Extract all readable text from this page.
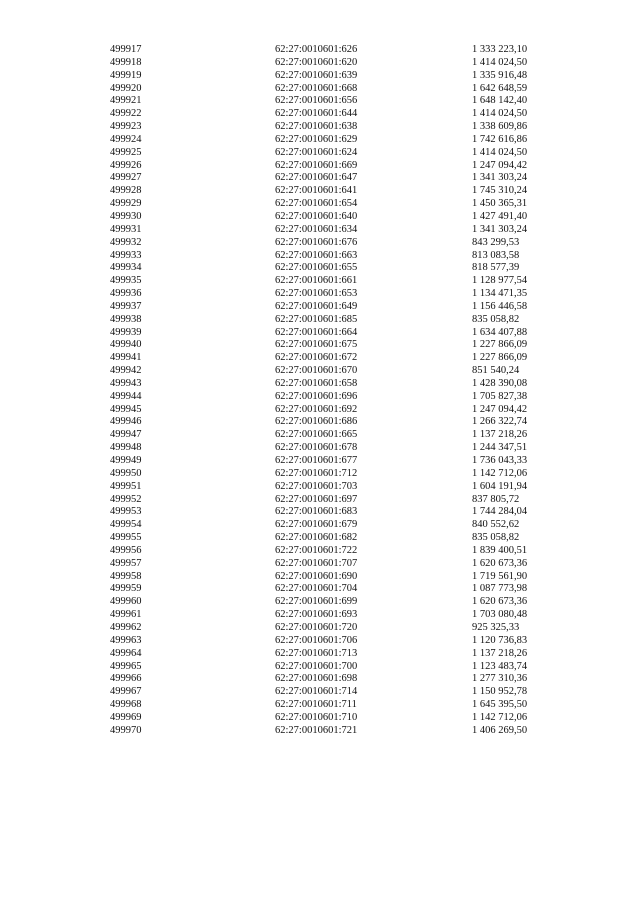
499917	62:27:0010601:626	1 333 223,10
499918	62:27:0010601:620	1 414 024,50
499919	62:27:0010601:639	1 335 916,48
499920	62:27:0010601:668	1 642 648,59
499921	62:27:0010601:656	1 648 142,40
499922	62:27:0010601:644	1 414 024,50
499923	62:27:0010601:638	1 338 609,86
499924	62:27:0010601:629	1 742 616,86
499925	62:27:0010601:624	1 414 024,50
499926	62:27:0010601:669	1 247 094,42
499927	62:27:0010601:647	1 341 303,24
499928	62:27:0010601:641	1 745 310,24
499929	62:27:0010601:654	1 450 365,31
499930	62:27:0010601:640	1 427 491,40
499931	62:27:0010601:634	1 341 303,24
499932	62:27:0010601:676	843 299,53
499933	62:27:0010601:663	813 083,58
499934	62:27:0010601:655	818 577,39
499935	62:27:0010601:661	1 128 977,54
499936	62:27:0010601:653	1 134 471,35
499937	62:27:0010601:649	1 156 446,58
499938	62:27:0010601:685	835 058,82
499939	62:27:0010601:664	1 634 407,88
499940	62:27:0010601:675	1 227 866,09
499941	62:27:0010601:672	1 227 866,09
499942	62:27:0010601:670	851 540,24
499943	62:27:0010601:658	1 428 390,08
499944	62:27:0010601:696	1 705 827,38
499945	62:27:0010601:692	1 247 094,42
499946	62:27:0010601:686	1 266 322,74
499947	62:27:0010601:665	1 137 218,26
499948	62:27:0010601:678	1 244 347,51
499949	62:27:0010601:677	1 736 043,33
499950	62:27:0010601:712	1 142 712,06
499951	62:27:0010601:703	1 604 191,94
499952	62:27:0010601:697	837 805,72
499953	62:27:0010601:683	1 744 284,04
499954	62:27:0010601:679	840 552,62
499955	62:27:0010601:682	835 058,82
499956	62:27:0010601:722	1 839 400,51
499957	62:27:0010601:707	1 620 673,36
499958	62:27:0010601:690	1 719 561,90
499959	62:27:0010601:704	1 087 773,98
499960	62:27:0010601:699	1 620 673,36
499961	62:27:0010601:693	1 703 080,48
499962	62:27:0010601:720	925 325,33
499963	62:27:0010601:706	1 120 736,83
499964	62:27:0010601:713	1 137 218,26
499965	62:27:0010601:700	1 123 483,74
499966	62:27:0010601:698	1 277 310,36
499967	62:27:0010601:714	1 150 952,78
499968	62:27:0010601:711	1 645 395,50
499969	62:27:0010601:710	1 142 712,06
499970	62:27:0010601:721	1 406 269,50
